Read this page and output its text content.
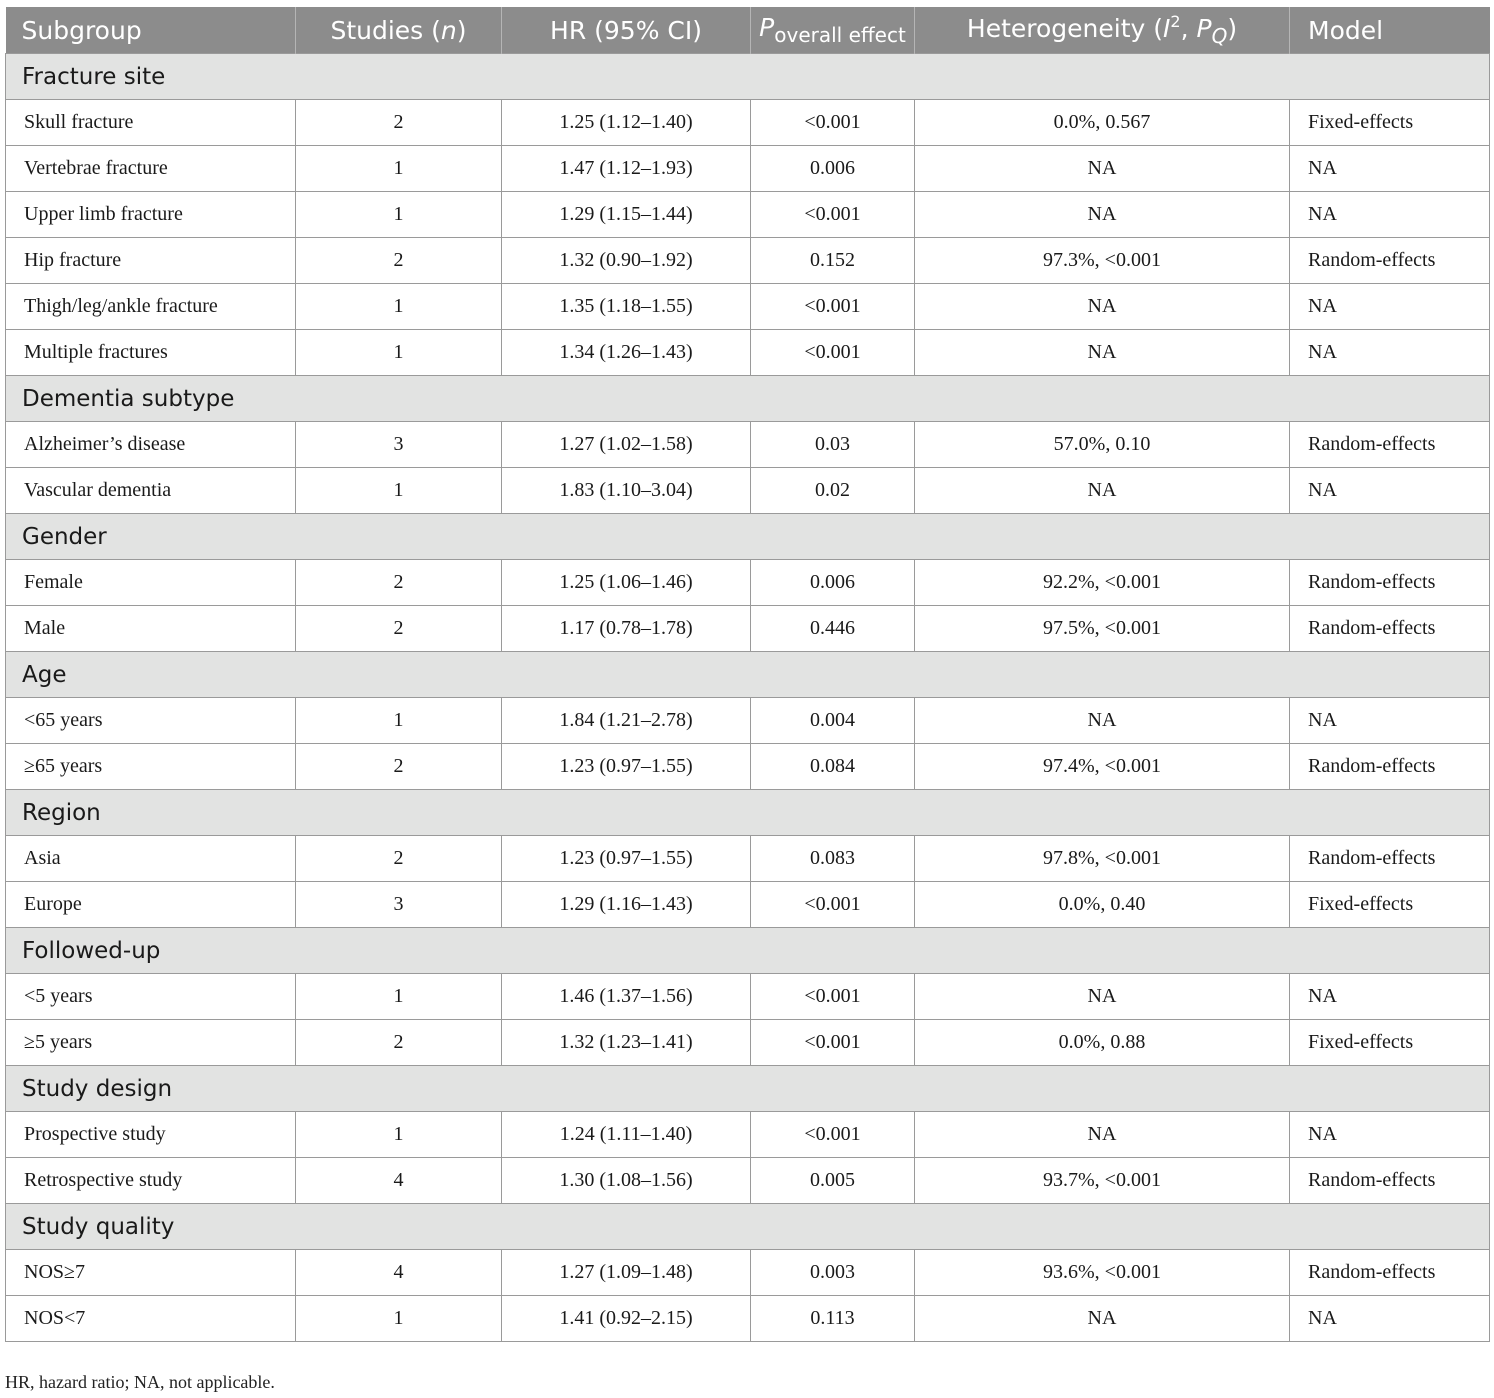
Subgroup	Studies (n)	HR (95% CI)	$P_{overall effect}$	Heterogeneity ($I^2$, $P_Q$)	Model
Fracture site					
Skull fracture	2	1.25 (1.12–1.40)	<0.001	0.0%, 0.567	Fixed-effects
Vertebrae fracture	1	1.47 (1.12–1.93)	0.006	NA	NA
Upper limb fracture	1	1.29 (1.15–1.44)	<0.001	NA	NA
Hip fracture	2	1.32 (0.90–1.92)	0.152	97.3%, <0.001	Random-effects
Thigh/leg/ankle fracture	1	1.35 (1.18–1.55)	<0.001	NA	NA
Multiple fractures	1	1.34 (1.26–1.43)	<0.001	NA	NA
Dementia subtype					
Alzheimer’s disease	3	1.27 (1.02–1.58)	0.03	57.0%, 0.10	Random-effects
Vascular dementia	1	1.83 (1.10–3.04)	0.02	NA	NA
Gender					
Female	2	1.25 (1.06–1.46)	0.006	92.2%, <0.001	Random-effects
Male	2	1.17 (0.78–1.78)	0.446	97.5%, <0.001	Random-effects
Age					
<65 years	1	1.84 (1.21–2.78)	0.004	NA	NA
≥65 years	2	1.23 (0.97–1.55)	0.084	97.4%, <0.001	Random-effects
Region					
Asia	2	1.23 (0.97–1.55)	0.083	97.8%, <0.001	Random-effects
Europe	3	1.29 (1.16–1.43)	<0.001	0.0%, 0.40	Fixed-effects
Followed-up					
<5 years	1	1.46 (1.37–1.56)	<0.001	NA	NA
≥5 years	2	1.32 (1.23–1.41)	<0.001	0.0%, 0.88	Fixed-effects
Study design					
Prospective study	1	1.24 (1.11–1.40)	<0.001	NA	NA
Retrospective study	4	1.30 (1.08–1.56)	0.005	93.7%, <0.001	Random-effects
Study quality					
NOS≥7	4	1.27 (1.09–1.48)	0.003	93.6%, <0.001	Random-effects
NOS<7	1	1.41 (0.92–2.15)	0.113	NA	NA
HR, hazard ratio; NA, not applicable.
